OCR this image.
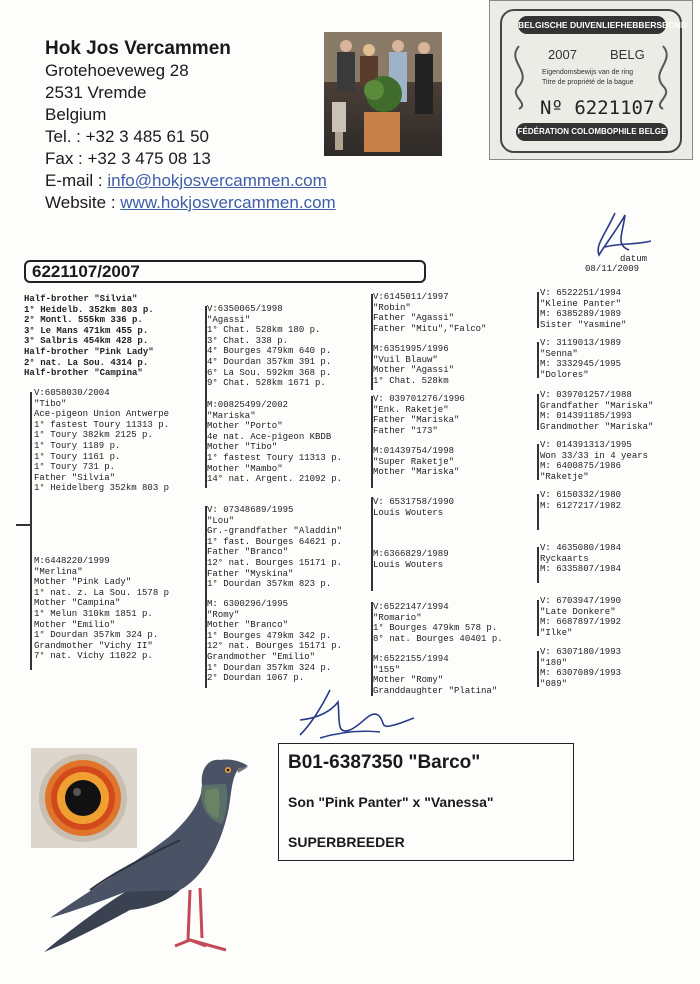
Hok Jos Vercammen
Grotehoeveweg 28
2531 Vremde
Belgium
Tel. : +32 3 485 61 50
Fax : +32 3 475 08 13
E-mail : info@hokjosvercammen.com
Website : www.hokjosvercammen.com
BELGISCHE DUIVENLIEFHEBBERSBOND
2007	BELG
Eigendomsbewijs van de ring
Titre de propriété de la bague
Nº 6221107
FÉDÉRATION COLOMBOPHILE BELGE
datum
08/11/2009
6221107/2007
Half-brother "Silvia"
1° Heidelb. 352km 803 p.
2° Montl. 555km 336 p.
3° Le Mans 471km 455 p.
3° Salbris 454km 428 p.
Half-brother "Pink Lady"
2° nat. La Sou. 4314 p.
Half-brother "Campina"
V:6058030/2004
"Tibo"
Ace-pigeon Union Antwerpe
1° fastest Toury 11313 p.
1° Toury 382km 2125 p.
1° Toury 1189 p.
1° Toury 1161 p.
1° Toury 731 p.
Father "Silvia"
1° Heidelberg 352km 803 p
M:6448220/1999
"Merlina"
Mother "Pink Lady"
1° nat. z. La Sou. 1578 p
Mother "Campina"
1° Melun 310km 1851 p.
Mother "Emilio"
1° Dourdan 357km 324 p.
Grandmother "Vichy II"
7° nat. Vichy 11022 p.
V:6350065/1998
"Agassi"
1° Chat. 528km 180 p.
3° Chat. 338 p.
4° Bourges 479km 640 p.
4° Dourdan 357km 391 p.
6° La Sou. 592km 368 p.
9° Chat. 528km 1671 p.
M:00825499/2002
"Mariska"
Mother "Porto"
4e nat. Ace-pigeon KBDB
Mother "Tibo"
1° fastest Toury 11313 p.
Mother "Mambo"
14° nat. Argent. 21092 p.
V: 07348689/1995
"Lou"
Gr.-grandfather "Aladdin"
1° fast. Bourges 64621 p.
Father "Branco"
12° nat. Bourges 15171 p.
Father "Myskina"
1° Dourdan 357km 823 p.
M: 6300296/1995
"Romy"
Mother "Branco"
1° Bourges 479km 342 p.
12° nat. Bourges 15171 p.
Grandmother "Emilio"
1° Dourdan 357km 324 p.
2° Dourdan 1067 p.
V:6145011/1997
"Robin"
Father "Agassi"
Father "Mitu","Falco"
M:6351995/1996
"Vuil Blauw"
Mother "Agassi"
1° Chat. 528km
V: 039701276/1996
"Enk. Raketje"
Father "Mariska"
Father "173"
M:01439754/1998
"Super Raketje"
Mother "Mariska"
V: 6531758/1990
Louis Wouters
M:6366829/1989
Louis Wouters
V:6522147/1994
"Romario"
1° Bourges 479km 578 p.
8° nat. Bourges 40401 p.
M:6522155/1994
"155"
Mother "Romy"
Granddaughter "Platina"
V: 6522251/1994
"Kleine Panter"
M: 6385289/1989
Sister "Yasmine"
V: 3119013/1989
"Senna"
M: 3332945/1995
"Dolores"
V: 039701257/1988
Grandfather "Mariska"
M: 014391185/1993
Grandmother "Mariska"
V: 014391313/1995
Won 33/33 in 4 years
M: 6400875/1986
"Raketje"
V: 6150332/1980
M: 6127217/1982
V: 4635080/1984
Ryckaarts
M: 6335807/1984
V: 6703947/1990
"Late Donkere"
M: 6687897/1992
"Ilke"
V: 6307180/1993
"180"
M: 6307089/1993
"089"
B01-6387350 "Barco"
Son "Pink Panter" x "Vanessa"
SUPERBREEDER
